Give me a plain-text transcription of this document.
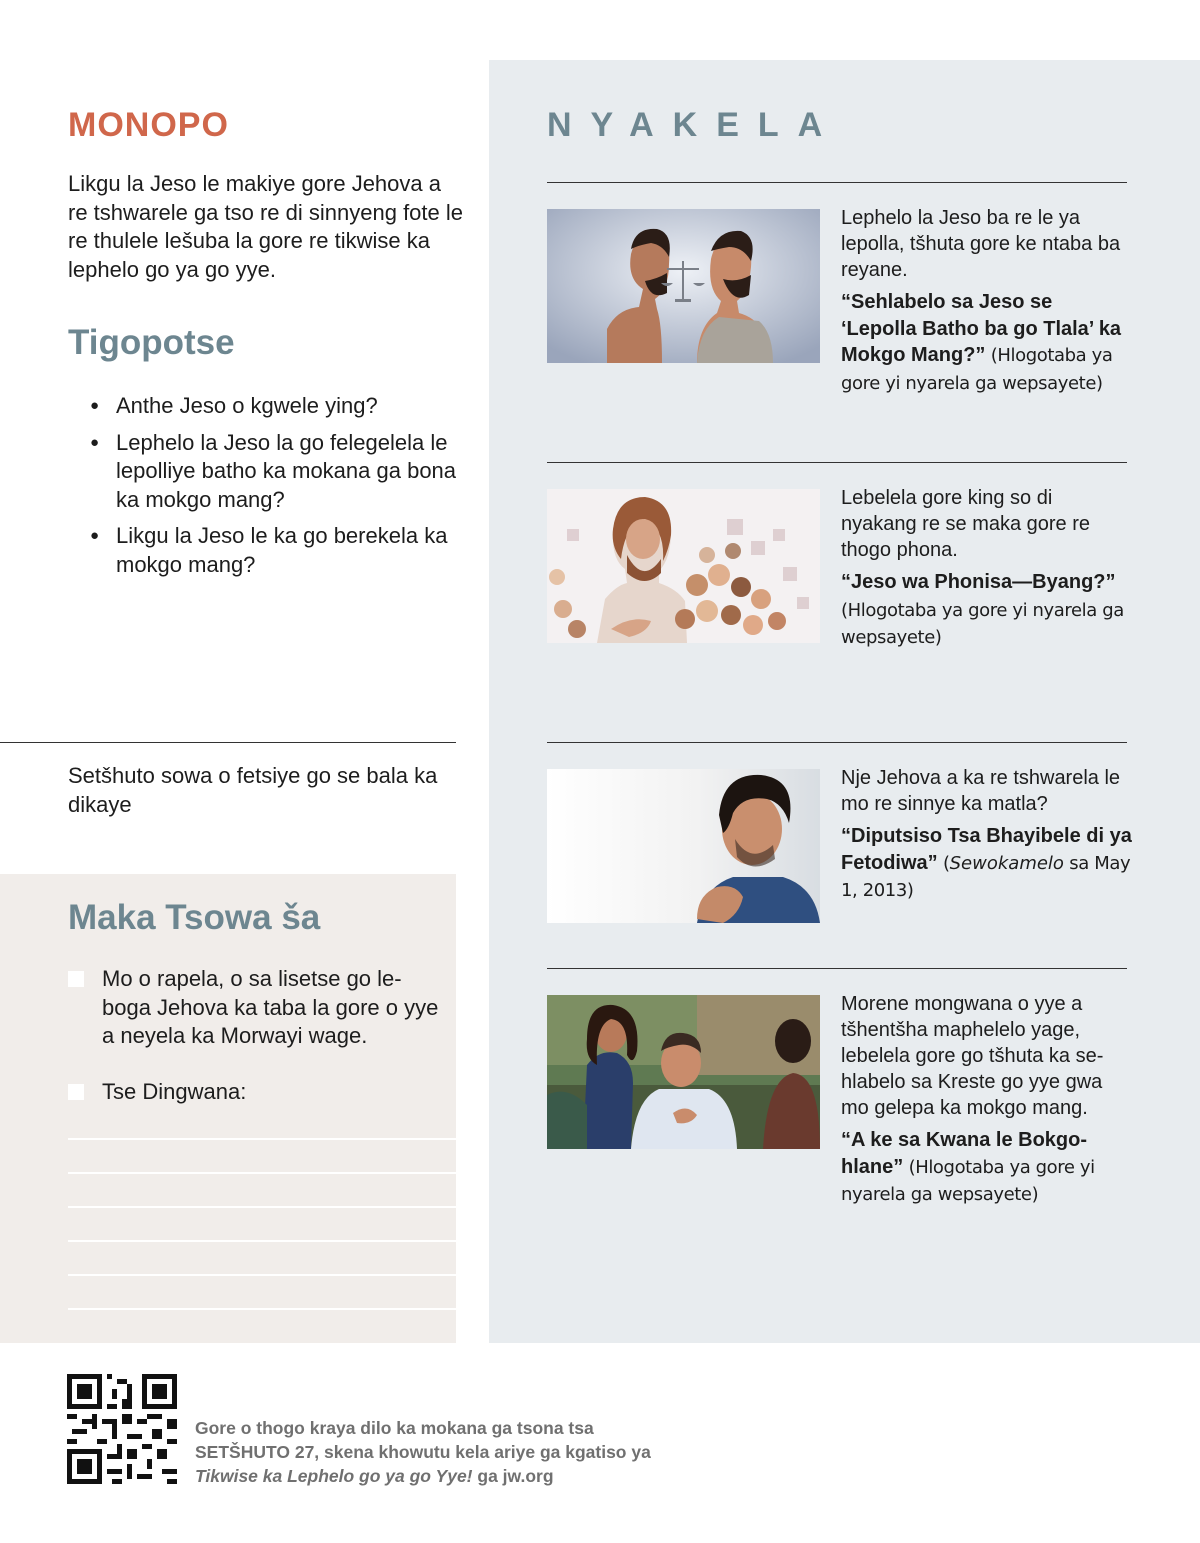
MONOPO
Likgu la Jeso le makiye gore Jehova a re tshwarele ga tso re di sinnyeng fote le re thulele lešuba la gore re tikwise ka lephelo go ya go yye.
Tigopotse
● Anthe Jeso o kgwele ying?
● Lephelo la Jeso la go felegelela le lepolliye batho ka mokana ga bona ka mokgo mang?
● Likgu la Jeso le ka go berekela ka mokgo mang?
Setšhuto sowa o fetsiye go se bala ka dikaye
Maka Tsowa ša
Mo o rapela, o sa lisetse go le-boga Jehova ka taba la gore o yye a neyela ka Morwayi wage.
Tse Dingwana:
NYAKELA

Lephelo la Jeso ba re le ya lepolla, tšhuta gore ke ntaba ba reyane.

“Sehlabelo sa Jeso se ‘Lepolla Batho ba go Tlala’ ka Mokgo Mang?” (Hlogotaba ya gore yi nyarela ga wepsayete)

Lebelela gore king so di nyakang re se maka gore re thogo phona.

“Jeso wa Phonisa—Byang?” (Hlogotaba ya gore yi nyarela ga wepsayete)

Nje Jehova a ka re tshwarela le mo re sinnye ka matla?

“Diputsiso Tsa Bhayibele di ya Fetodiwa” (Sewokamelo sa May 1, 2013)

Morene mongwana o yye a tšhentšha maphelelo yage, lebelela gore go tšhuta ka se-hlabelo sa Kreste go yye gwa mo gelepa ka mokgo mang.

“A ke sa Kwana le Bokgo-hlane” (Hlogotaba ya gore yi nyarela ga wepsayete)

Gore o thogo kraya dilo ka mokana ga tsona tsa SETŠHUTO 27, skena khowutu kela ariye ga kgatiso ya Tikwise ka Lephelo go ya go Yye! ga jw.org
